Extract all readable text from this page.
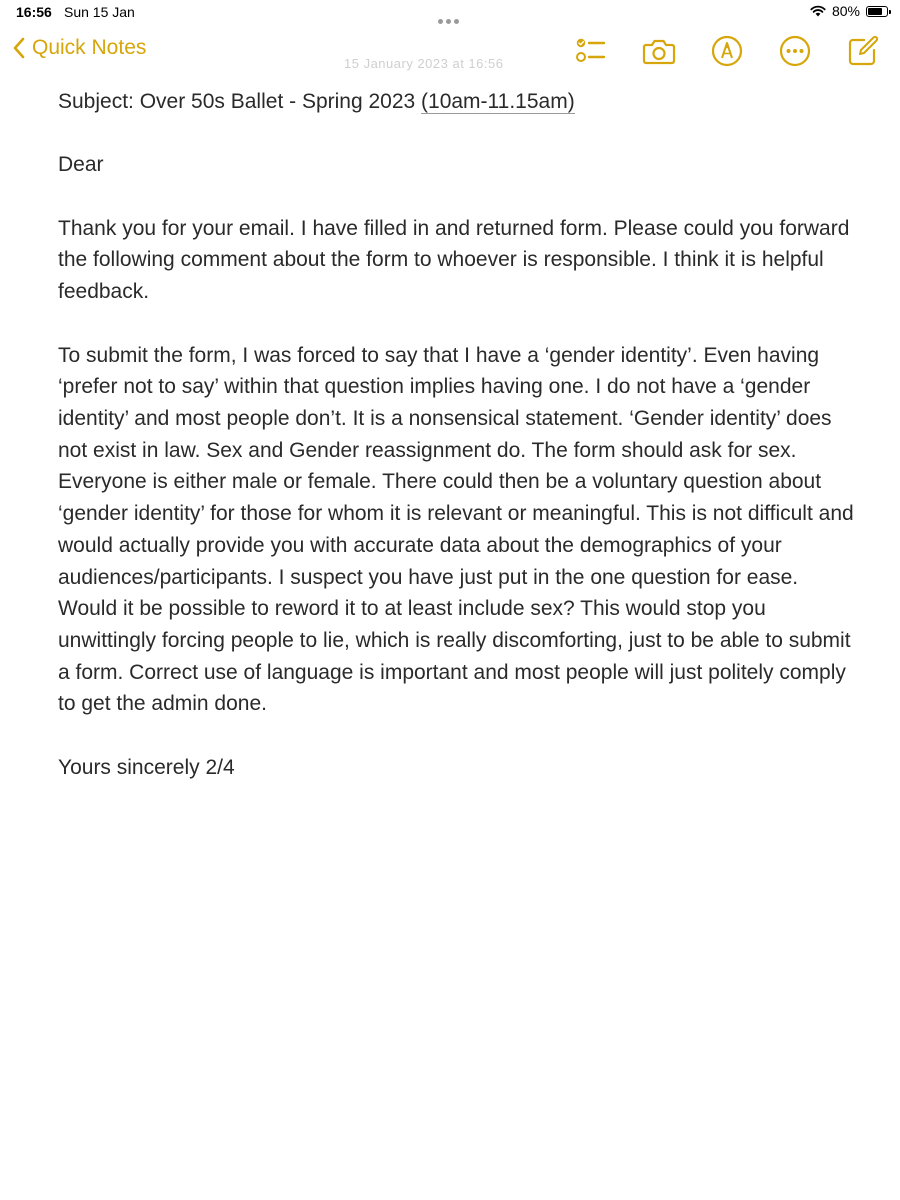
16:56 Sun 15 Jan	80%
Quick Notes
15 January 2023 at 16:56

Subject: Over 50s Ballet - Spring 2023 (10am-11.15am)

Dear

Thank you for your email. I have filled in and returned form. Please could you forward the following comment about the form to whoever is responsible. I think it is helpful feedback.

To submit the form, I was forced to say that I have a ‘gender identity’. Even having ‘prefer not to say’ within that question implies having one. I do not have a ‘gender identity’ and most people don’t. It is a nonsensical statement. ‘Gender identity’ does not exist in law. Sex and Gender reassignment do. The form should ask for sex. Everyone is either male or female. There could then be a voluntary question about ‘gender identity’ for those for whom it is relevant or meaningful. This is not difficult and would actually provide you with accurate data about the demographics of your audiences/participants. I suspect you have just put in the one question for ease. Would it be possible to reword it to at least include sex? This would stop you unwittingly forcing people to lie, which is really discomforting, just to be able to submit a form. Correct use of language is important and most people will just politely comply to get the admin done.

Yours sincerely 2/4
